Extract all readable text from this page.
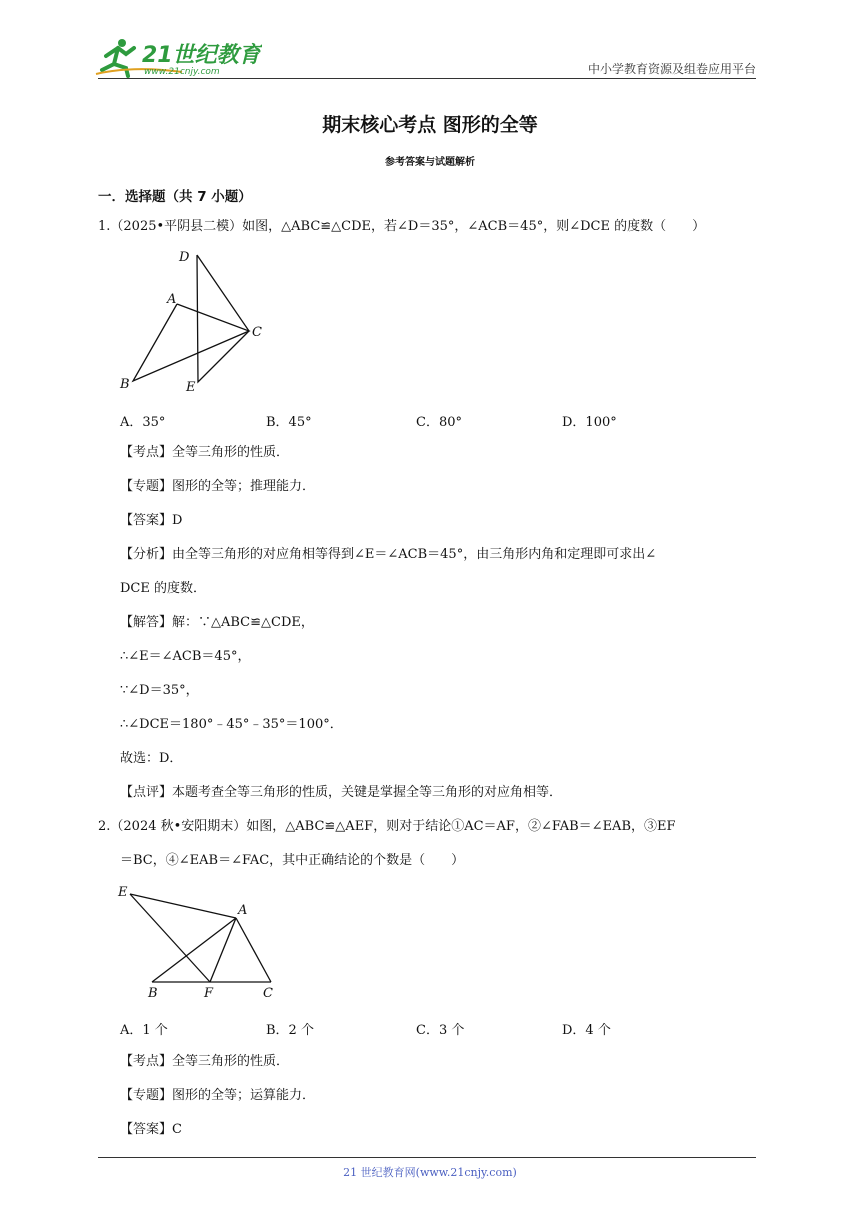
21世纪教育
www.21cnjy.com	中小学教育资源及组卷应用平台
期末核心考点 图形的全等
参考答案与试题解析
一．选择题（共 7 小题）
1.（2025•平阴县二模）如图，△ABC≌△CDE，若∠D＝35°，∠ACB＝45°，则∠DCE 的度数（　　）
D
A
C
B	E
A．35°	B．45°	C．80°	D．100°
【考点】全等三角形的性质．
【专题】图形的全等；推理能力．
【答案】D
【分析】由全等三角形的对应角相等得到∠E＝∠ACB＝45°，由三角形内角和定理即可求出∠
DCE 的度数．
【解答】解：∵△ABC≌△CDE，
∴∠E＝∠ACB＝45°，
∵∠D＝35°，
∴∠DCE＝180°﹣45°﹣35°＝100°．
故选：D．
【点评】本题考查全等三角形的性质，关键是掌握全等三角形的对应角相等．
2.（2024 秋•安阳期末）如图，△ABC≌△AEF，则对于结论①AC＝AF，②∠FAB＝∠EAB，③EF
＝BC，④∠EAB＝∠FAC，其中正确结论的个数是（　　）
E
A
B	F	C
A．1 个	B．2 个	C．3 个	D．4 个
【考点】全等三角形的性质．
【专题】图形的全等；运算能力．
【答案】C
21 世纪教育网(www.21cnjy.com)
